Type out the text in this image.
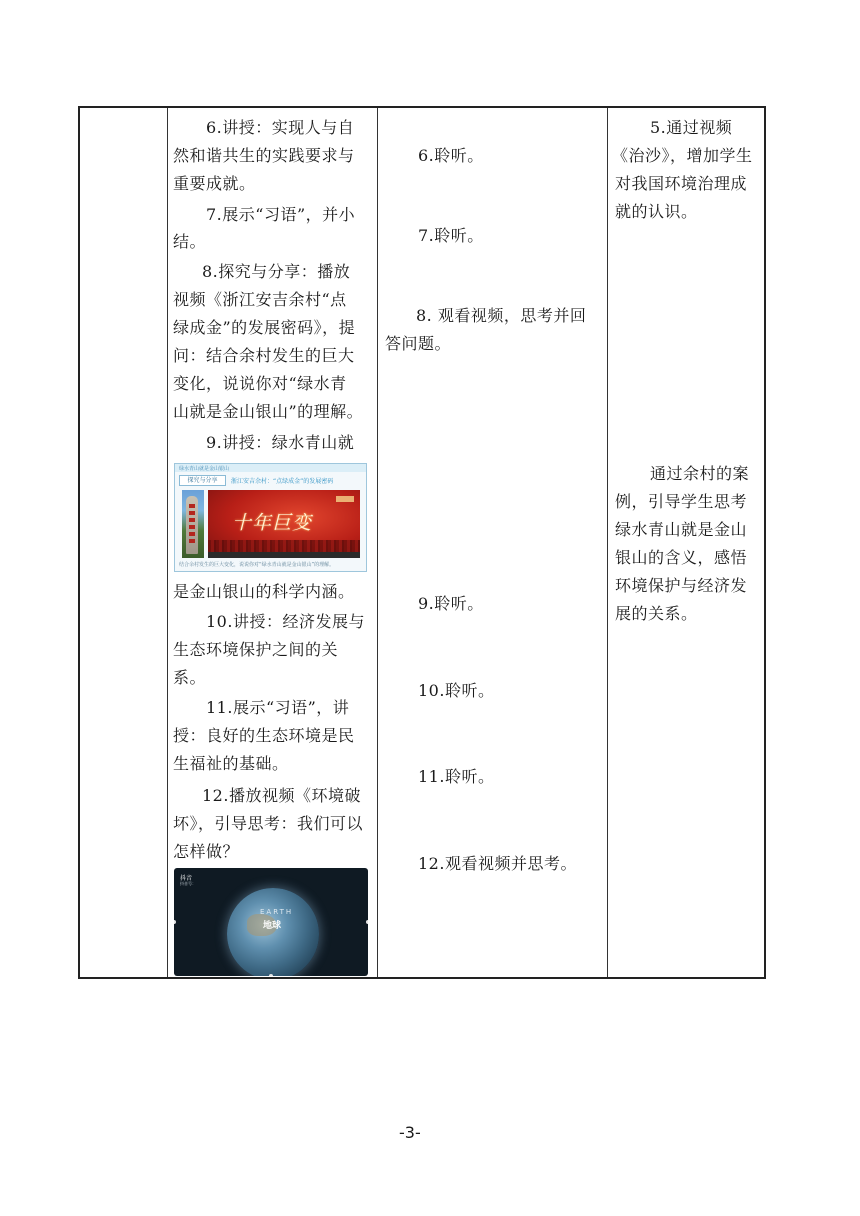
6.讲授：实现人与自
然和谐共生的实践要求与
重要成就。
7.展示“习语”，并小
结。
8.探究与分享：播放
视频《浙江安吉余村“点
绿成金”的发展密码》，提
问：结合余村发生的巨大
变化，说说你对“绿水青
山就是金山银山”的理解。
9.讲授：绿水青山就
绿水青山就是金山银山
探究与分享	浙江安吉余村：“点绿成金”的发展密码
十年巨变
结合余村发生的巨大变化，说说你对“绿水青山就是金山银山”的理解。
是金山银山的科学内涵。
10.讲授：经济发展与
生态环境保护之间的关
系。
11.展示“习语”，讲
授：良好的生态环境是民
生福祉的基础。
12.播放视频《环境破
坏》，引导思考：我们可以
怎样做？
抖音
抖音号：
EARTH
地球
6.聆听。
7.聆听。
8. 观看视频，思考并回
答问题。
9.聆听。
10.聆听。
11.聆听。
12.观看视频并思考。
5.通过视频
《治沙》，增加学生
对我国环境治理成
就的认识。
通过余村的案
例，引导学生思考
绿水青山就是金山
银山的含义，感悟
环境保护与经济发
展的关系。
-3-
